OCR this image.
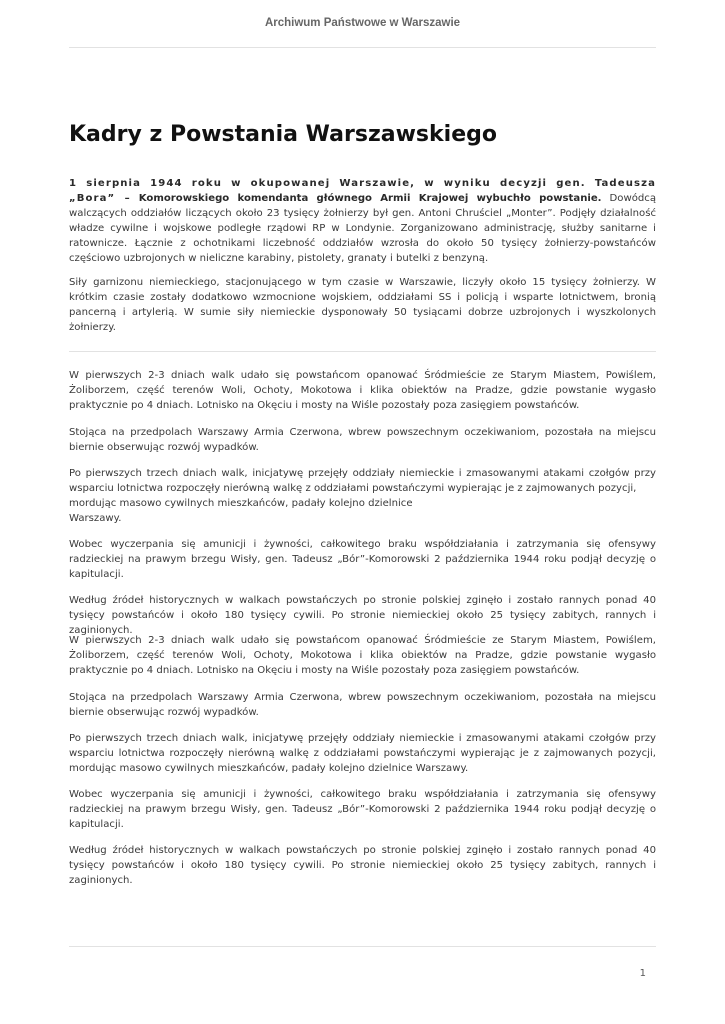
Archiwum Państwowe w Warszawie
Kadry z Powstania Warszawskiego
1 sierpnia 1944 roku w okupowanej Warszawie, w wyniku decyzji gen. Tadeusza „Bora” – Komorowskiego komendanta głównego Armii Krajowej wybuchło powstanie. Dowódcą walczących oddziałów liczących około 23 tysięcy żołnierzy był gen. Antoni Chruściel „Monter”. Podjęły działalność władze cywilne i wojskowe podległe rządowi RP w Londynie. Zorganizowano administrację, służby sanitarne i ratownicze. Łącznie z ochotnikami liczebność oddziałów wzrosła do około 50 tysięcy żołnierzy-powstańców częściowo uzbrojonych w nieliczne karabiny, pistolety, granaty i butelki z benzyną.
Siły garnizonu niemieckiego, stacjonującego w tym czasie w Warszawie, liczyły około 15 tysięcy żołnierzy. W krótkim czasie zostały dodatkowo wzmocnione wojskiem, oddziałami SS i policją i wsparte lotnictwem, bronią pancerną i artylerią. W sumie siły niemieckie dysponowały 50 tysiącami dobrze uzbrojonych i wyszkolonych żołnierzy.
W pierwszych 2-3 dniach walk udało się powstańcom opanować Śródmieście ze Starym Miastem, Powiślem, Żoliborzem, część terenów Woli, Ochoty, Mokotowa i klika obiektów na Pradze, gdzie powstanie wygasło praktycznie po 4 dniach. Lotnisko na Okęciu i mosty na Wiśle pozostały poza zasięgiem powstańców.
Stojąca na przedpolach Warszawy Armia Czerwona, wbrew powszechnym oczekiwaniom, pozostała na miejscu biernie obserwując rozwój wypadków.
Po pierwszych trzech dniach walk, inicjatywę przejęły oddziały niemieckie i zmasowanymi atakami czołgów przy wsparciu lotnictwa rozpoczęły nierówną walkę z oddziałami powstańczymi wypierając je z zajmowanych pozycji,
mordując masowo cywilnych mieszkańców, padały kolejno dzielnice
Warszawy.
Wobec wyczerpania się amunicji i żywności, całkowitego braku współdziałania i zatrzymania się ofensywy radzieckiej na prawym brzegu Wisły, gen. Tadeusz „Bór”-Komorowski 2 października 1944 roku podjął decyzję o kapitulacji.
Według źródeł historycznych w walkach powstańczych po stronie polskiej zginęło i zostało rannych ponad 40 tysięcy powstańców i około 180 tysięcy cywili. Po stronie niemieckiej około 25 tysięcy zabitych, rannych i zaginionych.
W pierwszych 2-3 dniach walk udało się powstańcom opanować Śródmieście ze Starym Miastem, Powiślem, Żoliborzem, część terenów Woli, Ochoty, Mokotowa i klika obiektów na Pradze, gdzie powstanie wygasło praktycznie po 4 dniach. Lotnisko na Okęciu i mosty na Wiśle pozostały poza zasięgiem powstańców.
Stojąca na przedpolach Warszawy Armia Czerwona, wbrew powszechnym oczekiwaniom, pozostała na miejscu biernie obserwując rozwój wypadków.
Po pierwszych trzech dniach walk, inicjatywę przejęły oddziały niemieckie i zmasowanymi atakami czołgów przy wsparciu lotnictwa rozpoczęły nierówną walkę z oddziałami powstańczymi wypierając je z zajmowanych pozycji, mordując masowo cywilnych mieszkańców, padały kolejno dzielnice Warszawy.
Wobec wyczerpania się amunicji i żywności, całkowitego braku współdziałania i zatrzymania się ofensywy radzieckiej na prawym brzegu Wisły, gen. Tadeusz „Bór”-Komorowski 2 października 1944 roku podjął decyzję o kapitulacji.
Według źródeł historycznych w walkach powstańczych po stronie polskiej zginęło i zostało rannych ponad 40 tysięcy powstańców i około 180 tysięcy cywili. Po stronie niemieckiej około 25 tysięcy zabitych, rannych i zaginionych.
1
